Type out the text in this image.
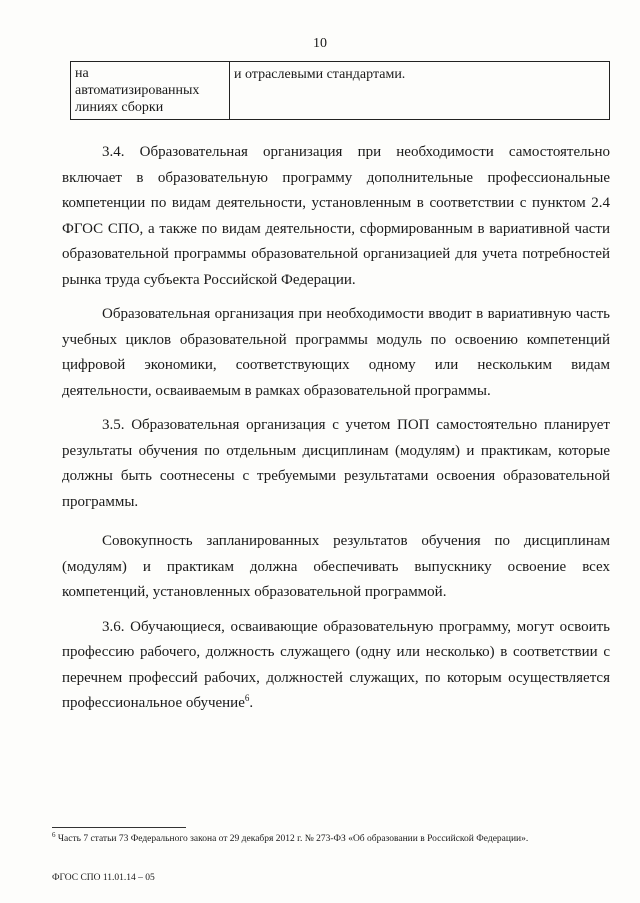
10
на
автоматизированных
линиях сборки
и отраслевыми стандартами.

3.4. Образовательная организация при необходимости самостоятельно включает в образовательную программу дополнительные профессиональные компетенции по видам деятельности, установленным в соответствии с пунктом 2.4 ФГОС СПО, а также по видам деятельности, сформированным в вариативной части образовательной программы образовательной организацией для учета потребностей рынка труда субъекта Российской Федерации.

Образовательная организация при необходимости вводит в вариативную часть учебных циклов образовательной программы модуль по освоению компетенций цифровой экономики, соответствующих одному или нескольким видам деятельности, осваиваемым в рамках образовательной программы.

3.5. Образовательная организация с учетом ПОП самостоятельно планирует результаты обучения по отдельным дисциплинам (модулям) и практикам, которые должны быть соотнесены с требуемыми результатами освоения образовательной программы.

Совокупность запланированных результатов обучения по дисциплинам (модулям) и практикам должна обеспечивать выпускнику освоение всех компетенций, установленных образовательной программой.

3.6. Обучающиеся, осваивающие образовательную программу, могут освоить профессию рабочего, должность служащего (одну или несколько) в соответствии с перечнем профессий рабочих, должностей служащих, по которым осуществляется профессиональное обучение$^6$.

$^6$ Часть 7 статьи 73 Федерального закона от 29 декабря 2012 г. № 273-ФЗ «Об образовании в Российской Федерации».
ФГОС СПО 11.01.14 – 05
